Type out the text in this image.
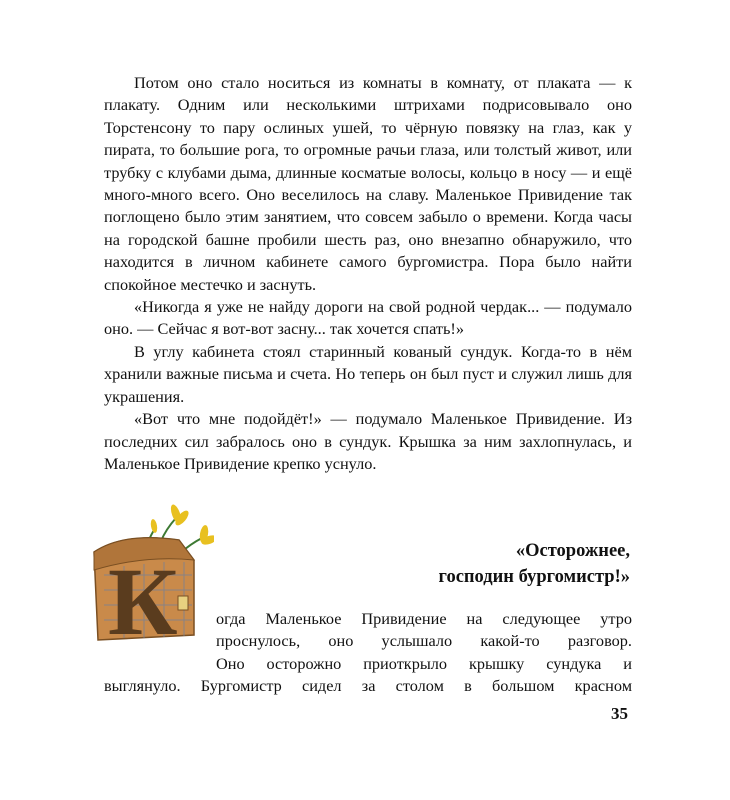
Потом оно стало носиться из комнаты в комнату, от плаката — к плакату. Одним или несколькими штрихами подрисовывало оно Торстенсону то пару ослиных ушей, то чёрную повязку на глаз, как у пирата, то большие рога, то огромные рачьи глаза, или толстый живот, или трубку с клубами дыма, длинные косматые волосы, кольцо в носу — и ещё много-много всего. Оно веселилось на славу. Маленькое Привидение так поглощено было этим занятием, что совсем забыло о времени. Когда часы на городской башне пробили шесть раз, оно внезапно обнаружило, что находится в личном кабинете самого бургомистра. Пора было найти спокойное местечко и заснуть.

«Никогда я уже не найду дороги на свой родной чердак... — подумало оно. — Сейчас я вот-вот засну... так хочется спать!»

В углу кабинета стоял старинный кованый сундук. Когда-то в нём хранили важные письма и счета. Но теперь он был пуст и служил лишь для украшения.

«Вот что мне подойдёт!» — подумало Маленькое Привидение. Из последних сил забралось оно в сундук. Крышка за ним захлопнулась, и Маленькое Привидение крепко уснуло.

К	«Осторожнее,
господин бургомистр!»
огда Маленькое Привидение на следующее утро
проснулось, оно услышало какой-то разговор.
Оно осторожно приоткрыло крышку сундука и
выглянуло. Бургомистр сидел за столом в большом красном
35
